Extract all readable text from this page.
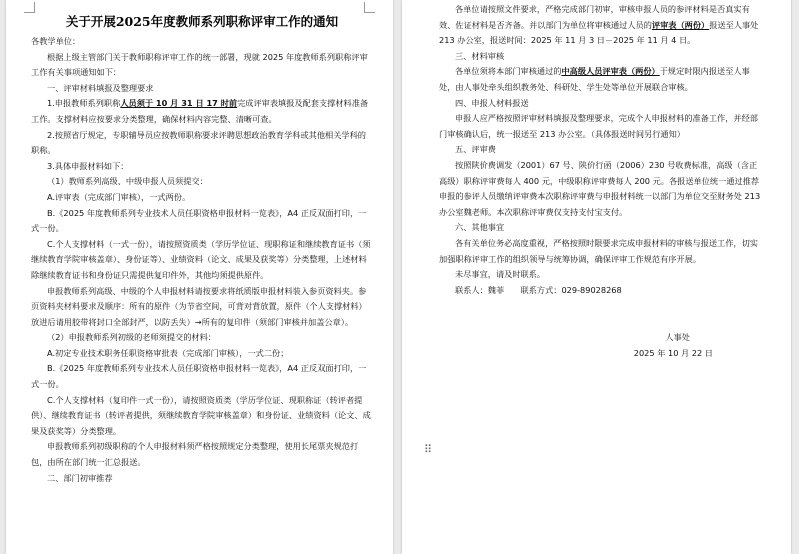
关于开展2025年度教师系列职称评审工作的通知

各教学单位：

根据上级主管部门关于教师职称评审工作的统一部署，现就 2025 年度教师系列职称评审工作有关事项通知如下：

一、评审材料填报及整理要求

1.申报教师系列职称人员须于 10 月 31 日 17 时前完成评审表填报及配套支撑材料准备工作。支撑材料应按要求分类整理，确保材料内容完整、清晰可查。

2.按照省厅规定，专职辅导员应按教师职称要求评聘思想政治教育学科或其他相关学科的职称。

3.具体申报材料如下：

（1）教师系列高级、中级申报人员须提交：

A.评审表（完成部门审核），一式两份。

B.《2025 年度教师系列专业技术人员任职资格申报材料一览表》，A4 正反双面打印，一式一份。

C.个人支撑材料（一式一份），请按照资质类（学历学位证、现职称证和继续教育证书（须继续教育学院审核盖章）、身份证等）、业绩资料（论文、成果及获奖等）分类整理，上述材料除继续教育证书和身份证只需提供复印件外，其他均须提供原件。

申报教师系列高级、中级的个人申报材料请按要求将纸质版申报材料装入参页资料夹。参页资料夹材料要求及顺序：所有的原件（为节省空间，可背对背放置，原件（个人支撑材料）放进后请用胶带将封口全部封严，以防丢失）→所有的复印件（须部门审核并加盖公章）。

（2）申报教师系列初级的老师须提交的材料：

A.初定专业技术职务任职资格审批表（完成部门审核），一式二份；

B.《2025 年度教师系列专业技术人员任职资格申报材料一览表》，A4 正反双面打印，一式一份。

C.个人支撑材料（复印件一式一份），请按照资质类（学历学位证、现职称证（转评者提供）、继续教育证书（转评者提供，须继续教育学院审核盖章）和身份证、业绩资料（论文、成果及获奖等）分类整理。

申报教师系列初级职称的个人申报材料须严格按照规定分类整理，使用长尾票夹规范打包，由所在部门统一汇总报送。

二、部门初审推荐

各单位请按照文件要求，严格完成部门初审，审核申报人员的参评材料是否真实有效、佐证材料是否齐备。并以部门为单位将审核通过人员的评审表（两份）报送至人事处 213 办公室，报送时间：2025 年 11 月 3 日－2025 年 11 月 4 日。

三、材料审核

各单位须将本部门审核通过的中高级人员评审表（两份）于规定时限内报送至人事处，由人事处牵头组织教务处、科研处、学生处等单位开展联合审核。

四、申报人材料报送

申报人应严格按照评审材料填报及整理要求，完成个人申报材料的准备工作，并经部门审核确认后，统一报送至 213 办公室。（具体报送时间另行通知）

五、评审费

按照陕价费调发（2001）67 号、陕价行函（2006）230 号收费标准，高级（含正高级）职称评审费每人 400 元，中级职称评审费每人 200 元。各报送单位统一通过推荐申报的参评人员缴纳评审费本次职称评审费与申报材料统一以部门为单位交至财务处 213 办公室魏老师。本次职称评审费仅支持支付宝支付。

六、其他事宜

各有关单位务必高度重视，严格按照时限要求完成申报材料的审核与报送工作，切实加强职称评审工作的组织领导与统筹协调，确保评审工作规范有序开展。

未尽事宜，请及时联系。

联系人：魏菲　　联系方式：029-89028268

人事处

2025 年 10 月 22 日

⠿
